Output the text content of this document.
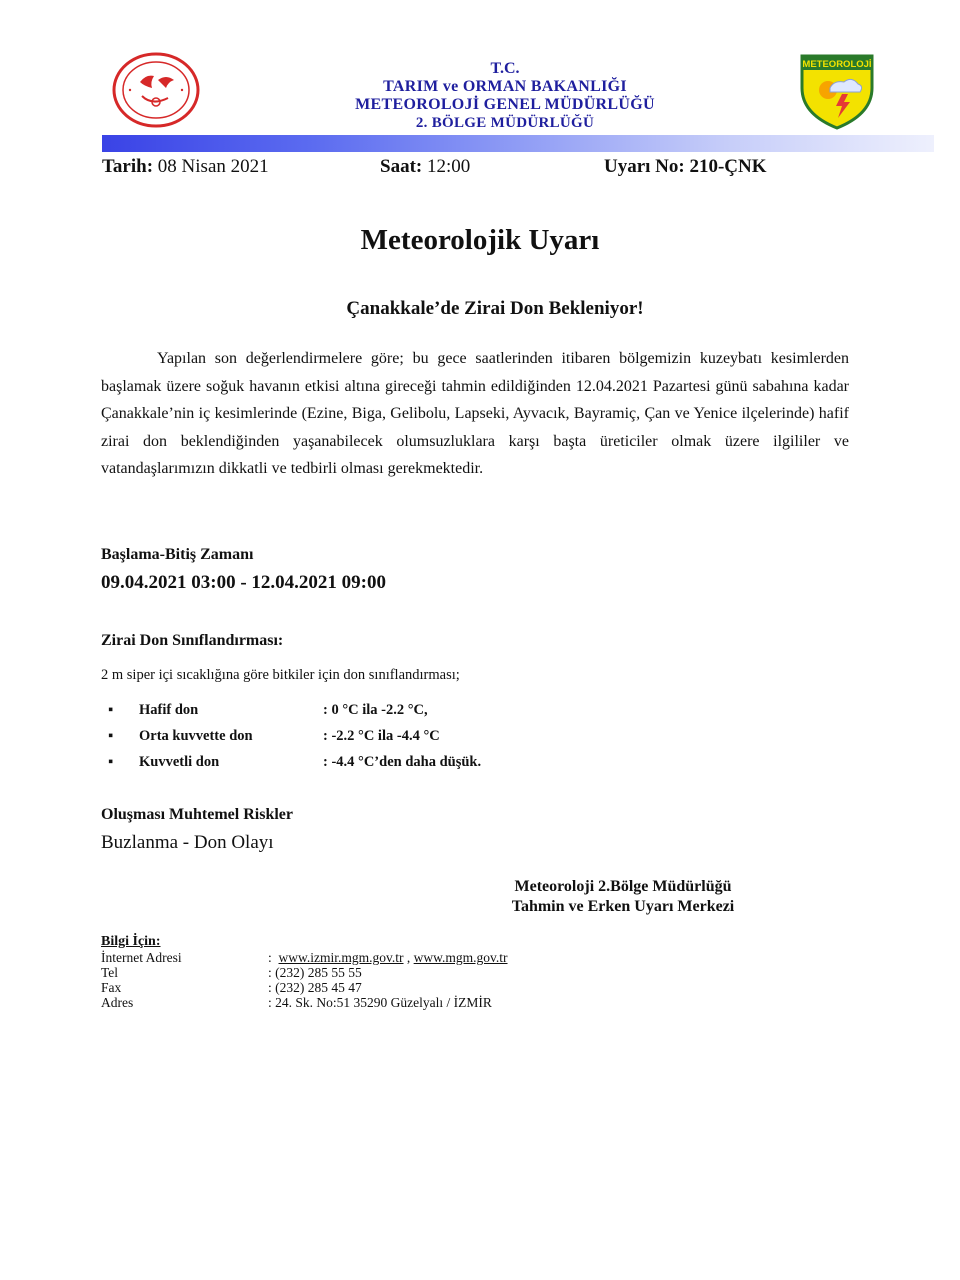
T.C.
TARIM ve ORMAN BAKANLIĞI
METEOROLOJİ GENEL MÜDÜRLÜĞÜ
2. BÖLGE MÜDÜRLÜĞÜ
METEOROLOJİ
Tarih: 08 Nisan 2021	Saat: 12:00	Uyarı No: 210-ÇNK
Meteorolojik Uyarı
Çanakkale’de Zirai Don Bekleniyor!
Yapılan son değerlendirmelere göre; bu gece saatlerinden itibaren bölgemizin kuzeybatı kesimlerden başlamak üzere soğuk havanın etkisi altına gireceği tahmin edildiğinden 12.04.2021 Pazartesi günü sabahına kadar Çanakkale’nin iç kesimlerinde (Ezine, Biga, Gelibolu, Lapseki, Ayvacık, Bayramiç, Çan ve Yenice ilçelerinde) hafif zirai don beklendiğinden yaşanabilecek olumsuzluklara karşı başta üreticiler olmak üzere ilgililer ve vatandaşlarımızın dikkatli ve tedbirli olması gerekmektedir.
Başlama-Bitiş Zamanı
09.04.2021 03:00 - 12.04.2021 09:00
Zirai Don Sınıflandırması:
2 m siper içi sıcaklığına göre bitkiler için don sınıflandırması;
▪ Hafif don	: 0 °C ila -2.2 °C,
▪ Orta kuvvette don	: -2.2 °C ila -4.4 °C
▪ Kuvvetli don	: -4.4 °C’den daha düşük.
Oluşması Muhtemel Riskler
Buzlanma - Don Olayı
Meteoroloji 2.Bölge Müdürlüğü
Tahmin ve Erken Uyarı Merkezi
Bilgi İçin:
İnternet Adresi	: www.izmir.mgm.gov.tr , www.mgm.gov.tr
Tel	: (232) 285 55 55
Fax	: (232) 285 45 47
Adres	: 24. Sk. No:51 35290 Güzelyalı / İZMİR
